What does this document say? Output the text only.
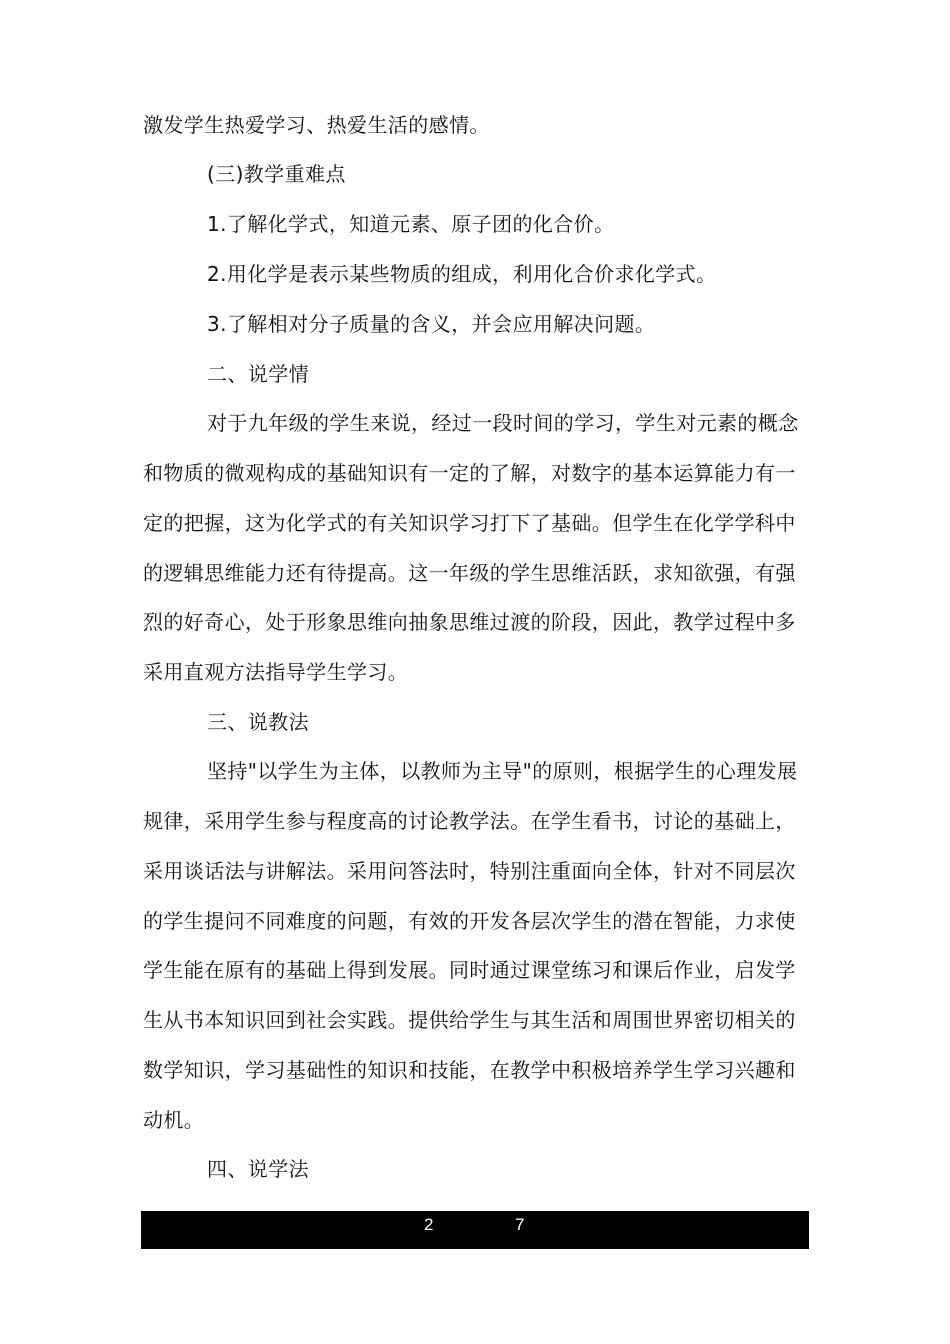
激发学生热爱学习、热爱生活的感情。
(三)教学重难点
1.了解化学式，知道元素、原子团的化合价。
2.用化学是表示某些物质的组成，利用化合价求化学式。
3.了解相对分子质量的含义，并会应用解决问题。
二、说学情
对于九年级的学生来说，经过一段时间的学习，学生对元素的概念
和物质的微观构成的基础知识有一定的了解，对数字的基本运算能力有一
定的把握，这为化学式的有关知识学习打下了基础。但学生在化学学科中
的逻辑思维能力还有待提高。这一年级的学生思维活跃，求知欲强，有强
烈的好奇心，处于形象思维向抽象思维过渡的阶段，因此，教学过程中多
采用直观方法指导学生学习。
三、说教法
坚持"以学生为主体，以教师为主导"的原则，根据学生的心理发展
规律，采用学生参与程度高的讨论教学法。在学生看书，讨论的基础上，
采用谈话法与讲解法。采用问答法时，特别注重面向全体，针对不同层次
的学生提问不同难度的问题，有效的开发各层次学生的潜在智能，力求使
学生能在原有的基础上得到发展。同时通过课堂练习和课后作业，启发学
生从书本知识回到社会实践。提供给学生与其生活和周围世界密切相关的
数学知识，学习基础性的知识和技能，在教学中积极培养学生学习兴趣和
动机。
四、说学法
2	7
